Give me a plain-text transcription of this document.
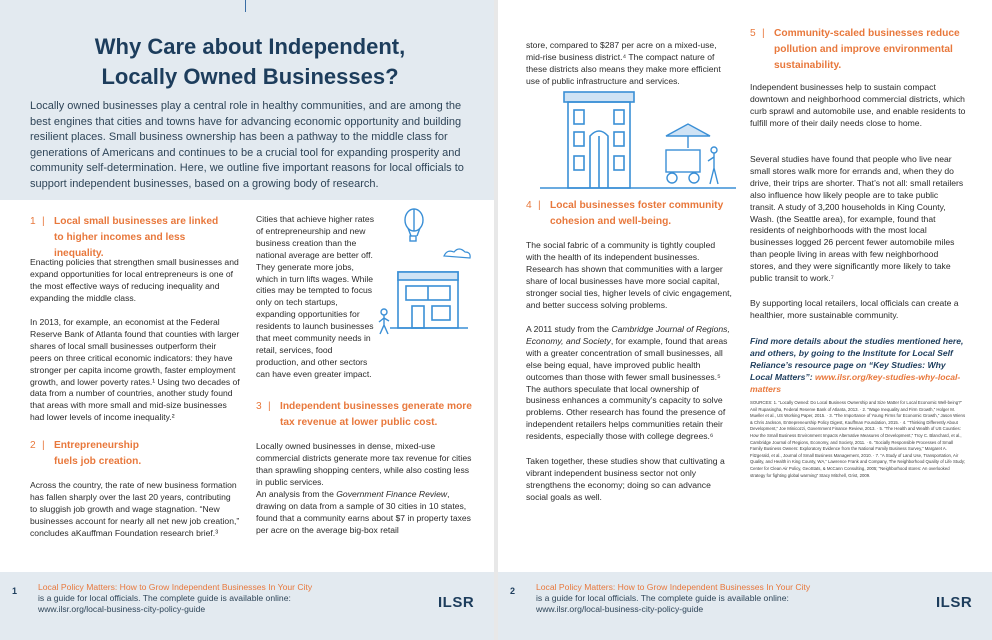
Why Care about Independent,
Locally Owned Businesses?
Locally owned businesses play a central role in healthy communities, and are among the best engines that cities and towns have for advancing economic opportunity and building resilient places. Small business ownership has been a pathway to the middle class for generations of Americans and continues to be a crucial tool for expanding prosperity and community self-determination. Here, we outline five important reasons for local officials to support independent businesses, based on a growing body of research.
1 | Local small businesses are linked to higher incomes and less inequality.
Enacting policies that strengthen small businesses and expand opportunities for local entrepreneurs is one of the most effective ways of reducing inequality and expanding the middle class.
In 2013, for example, an economist at the Federal Reserve Bank of Atlanta found that counties with larger shares of local small businesses outperform their peers on three critical economic indicators: they have stronger per capita income growth, faster employment growth, and lower poverty rates.¹ Using two decades of data from a number of countries, another study found that areas with more small and mid-size businesses had lower levels of income inequality.²
2 | Entrepreneurship fuels job creation.
Across the country, the rate of new business formation has fallen sharply over the last 20 years, contributing to sluggish job growth and wage stagnation. “New businesses account for nearly all net new job creation,” concludes aKauffman Foundation research brief.³
Cities that achieve higher rates of entrepreneurship and new business creation than the national average are better off. They generate more jobs, which in turn lifts wages. While cities may be tempted to focus only on tech startups, expanding opportunities for residents to launch businesses that meet community needs in retail, services, food production, and other sectors can have even greater impact.
3 | Independent businesses generate more tax revenue at lower public cost.
Locally owned businesses in dense, mixed-use commercial districts generate more tax revenue for cities than sprawling shopping centers, while also costing less in public services.
An analysis from the Government Finance Review, drawing on data from a sample of 30 cities in 10 states, found that a community earns about $7 in property taxes per acre on the average big-box retail
1 Local Policy Matters: How to Grow Independent Businesses In Your City
is a guide for local officials. The complete guide is available online:
www.ilsr.org/local-business-city-policy-guide	ILSR
store, compared to $287 per acre on a mixed-use, mid-rise business district.⁴ The compact nature of these districts also means they make more efficient use of public infrastructure and services.
4 | Local businesses foster community cohesion and well-being.
The social fabric of a community is tightly coupled with the health of its independent businesses. Research has shown that communities with a larger share of local businesses have more social capital, stronger social ties, higher levels of civic engagement, and better success solving problems.
A 2011 study from the Cambridge Journal of Regions, Economy, and Society, for example, found that areas with a greater concentration of small businesses, all else being equal, have improved public health outcomes than those with fewer small businesses.⁵ The authors speculate that local ownership of business enhances a community’s capacity to solve problems. Other research has found the presence of independent retailers helps communities retain their residents, especially those with college degrees.⁶
Taken together, these studies show that cultivating a vibrant independent business sector not only strengthens the economy; doing so can advance social goals as well.
5 | Community-scaled businesses reduce pollution and improve environmental sustainability.
Independent businesses help to sustain compact downtown and neighborhood commercial districts, which curb sprawl and automobile use, and enable residents to fulfill more of their daily needs close to home.
Several studies have found that people who live near small stores walk more for errands and, when they do drive, their trips are shorter. That’s not all: small retailers also influence how likely people are to take public transit. A study of 3,200 households in King County, Wash. (the Seattle area), for example, found that residents of neighborhoods with the most local businesses logged 26 percent fewer automobile miles than people living in areas with few neighborhood stores, and they were significantly more likely to take public transit to work.⁷
By supporting local retailers, local officials can create a healthier, more sustainable community.
Find more details about the studies mentioned here, and others, by going to the Institute for Local Self Reliance’s resource page on “Key Studies: Why Local Matters”: www.ilsr.org/key-studies-why-local-matters
SOURCES: 1. “Locally Owned: Do Local Business Ownership and Size Matter for Local Economic Well-being?” Anil Rupasingha, Federal Reserve Bank of Atlanta, 2013. · 2. “Wage Inequality and Firm Growth,” Holger M. Mueller et al., US Working Paper, 2015. · 3. “The Importance of Young Firms for Economic Growth,” Jason Wiens & Chris Jackson, Entrepreneurship Policy Digest, Kauffman Foundation, 2015. · 4. “Thinking Differently About Development,” Joe Minicozzi, Government Finance Review, 2013. · 5. “The Health and Wealth of US Counties: How the Small Business Environment Impacts Alternative Measures of Development,” Troy C. Blanchard, et al., Cambridge Journal of Regions, Economy, and Society, 2011. · 6. “Socially Responsible Processes of Small Family Business Owners: Exploratory Evidence from the National Family Business Survey,” Margaret A. Fitzgerald, et al., Journal of Small Business Management, 2010. · 7. “A Study of Land Use, Transportation, Air Quality, and Health in King County, WA,” Lawrence Frank and Company, The Neighborhood Quality of Life Study; Center for Clean Air Policy, GeoStats, & McCann Consulting, 2005; “Neighborhood stores: An overlooked strategy for fighting global warming” Stacy Mitchell, Grist, 2009.
2 Local Policy Matters: How to Grow Independent Businesses In Your City
is a guide for local officials. The complete guide is available online:
www.ilsr.org/local-business-city-policy-guide	ILSR
